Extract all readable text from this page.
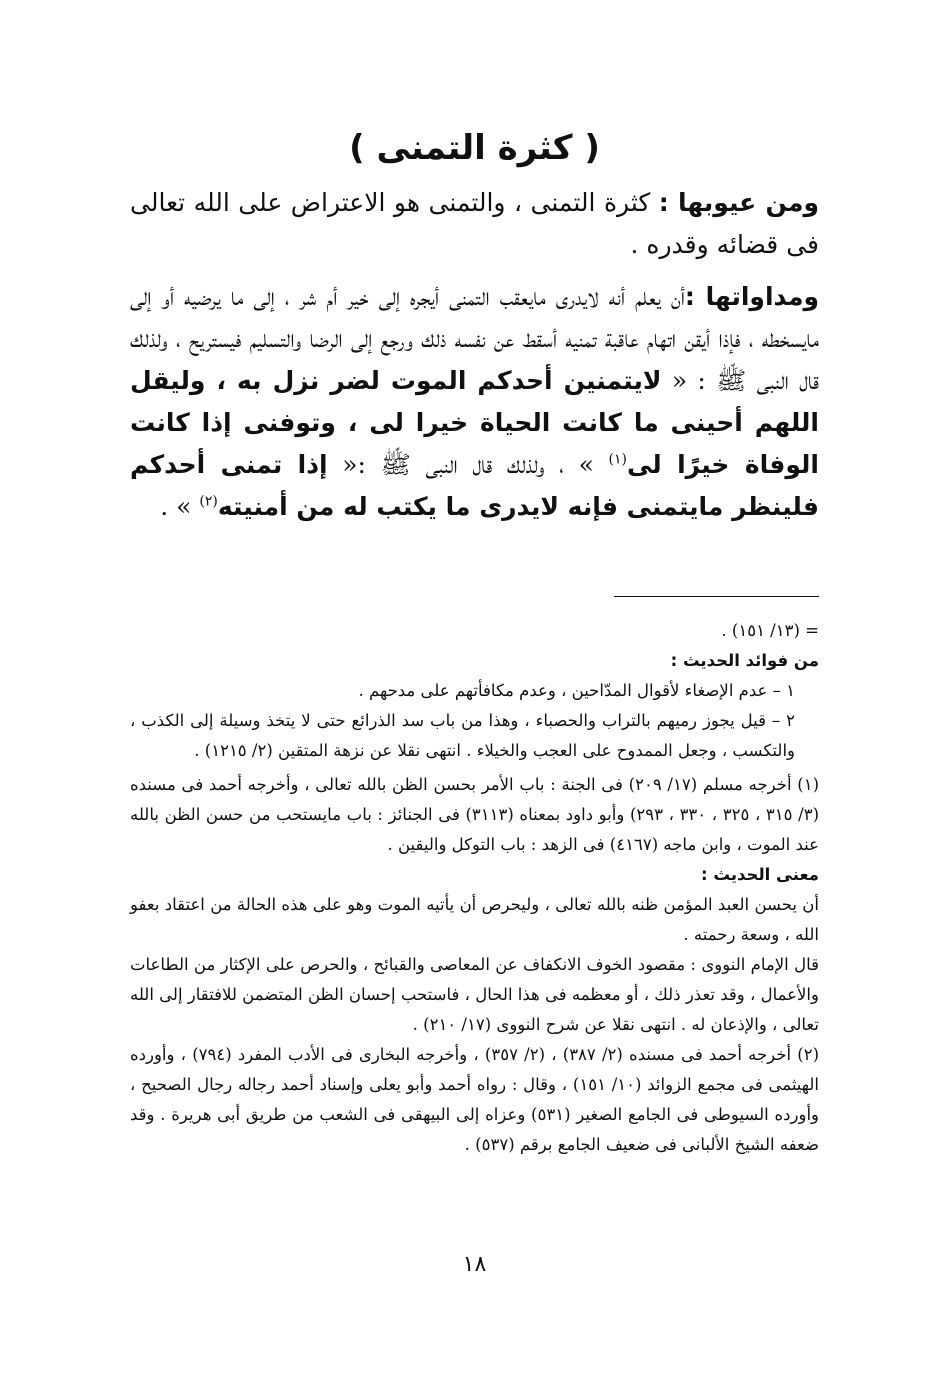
( كثرة التمنى )

ومن عيوبها : كثرة التمنى ، والتمنى هو الاعتراض على الله تعالى فى قضائه وقدره .

ومداواتها :أن يعلم أنه لايدرى مايعقب التمنى أيجره إلى خير أم شر ، إلى ما يرضيه أو إلى مايسخطه ، فإذا أيقن اتهام عاقبة تمنيه أسقط عن نفسه ذلك ورجع إلى الرضا والتسليم فيستريح ، ولذلك قال النبى ﷺ : « لايتمنين أحدكم الموت لضر نزل به ، وليقل اللهم أحينى ما كانت الحياة خيرا لى ، وتوفنى إذا كانت الوفاة خيرًا لى$^{(١)}$ » ، ولذلك قال النبى ﷺ :« إذا تمنى أحدكم فلينظر مايتمنى فإنه لايدرى ما يكتب له من أمنيته$^{(٢)}$ » .

= (١٣/ ١٥١) .

من فوائد الحديث :

١ – عدم الإصغاء لأقوال المدّاحين ، وعدم مكافأتهم على مدحهم .

٢ – قيل يجوز رميهم بالتراب والحصباء ، وهذا من باب سد الذرائع حتى لا يتخذ وسيلة إلى الكذب ، والتكسب ، وجعل الممدوح على العجب والخيلاء . انتهى نقلا عن نزهة المتقين (٢/ ١٢١٥) .

(١) أخرجه مسلم (١٧/ ٢٠٩) فى الجنة : باب الأمر بحسن الظن بالله تعالى ، وأخرجه أحمد فى مسنده (٣/ ٣١٥ ، ٣٢٥ ، ٣٣٠ ، ٢٩٣) وأبو داود بمعناه (٣١١٣) فى الجنائز : باب مايستحب من حسن الظن بالله عند الموت ، وابن ماجه (٤١٦٧) فى الزهد : باب التوكل واليقين .

معنى الحديث :

أن يحسن العبد المؤمن ظنه بالله تعالى ، وليحرص أن يأتيه الموت وهو على هذه الحالة من اعتقاد بعفو الله ، وسعة رحمته .

قال الإمام النووى : مقصود الخوف الانكفاف عن المعاصى والقبائح ، والحرص على الإكثار من الطاعات والأعمال ، وقد تعذر ذلك ، أو معظمه فى هذا الحال ، فاستحب إحسان الظن المتضمن للافتقار إلى الله تعالى ، والإذعان له . انتهى نقلا عن شرح النووى (١٧/ ٢١٠) .

(٢) أخرجه أحمد فى مسنده (٢/ ٣٨٧) ، (٢/ ٣٥٧) ، وأخرجه البخارى فى الأدب المفرد (٧٩٤) ، وأورده الهيثمى فى مجمع الزوائد (١٠/ ١٥١) ، وقال : رواه أحمد وأبو يعلى وإسناد أحمد رجاله رجال الصحيح ، وأورده السيوطى فى الجامع الصغير (٥٣١) وعزاه إلى البيهقى فى الشعب من طريق أبى هريرة . وقد ضعفه الشيخ الألبانى فى ضعيف الجامع برقم (٥٣٧) .

١٨
